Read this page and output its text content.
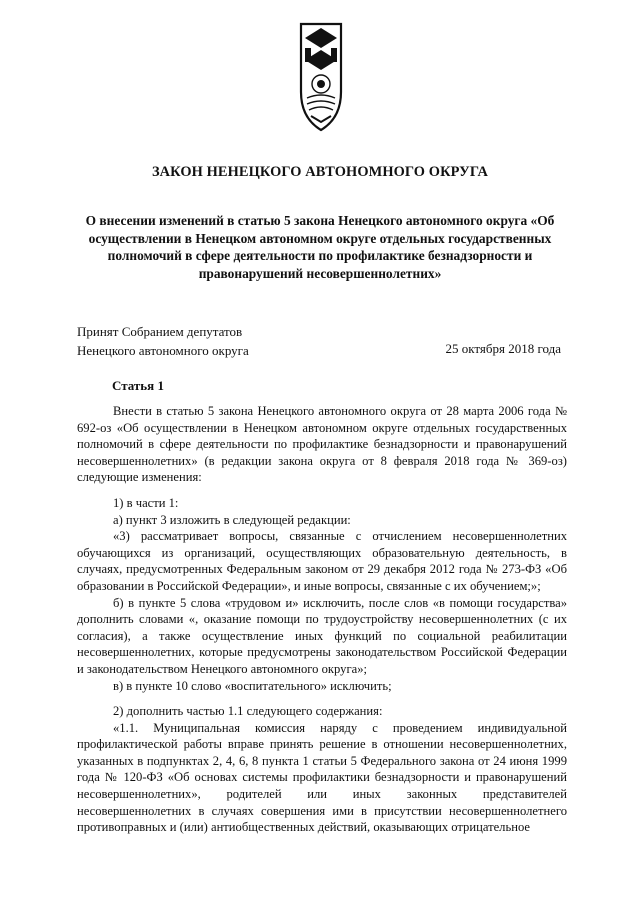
ЗАКОН НЕНЕЦКОГО АВТОНОМНОГО ОКРУГА
О внесении изменений в статью 5 закона Ненецкого автономного округа «Об осуществлении в Ненецком автономном округе отдельных государственных полномочий в сфере деятельности по профилактике безнадзорности и правонарушений несовершеннолетних»
Принят Собранием депутатов
Ненецкого автономного округа	25 октября 2018 года
Статья 1

Внести в статью 5 закона Ненецкого автономного округа от 28 марта 2006 года № 692-оз «Об осуществлении в Ненецком автономном округе отдельных государственных полномочий в сфере деятельности по профилактике безнадзорности и правонарушений несовершеннолетних» (в редакции закона округа от 8 февраля 2018 года № 369-оз) следующие изменения:

1) в части 1:

а) пункт 3 изложить в следующей редакции:

«3) рассматривает вопросы, связанные с отчислением несовершеннолетних обучающихся из организаций, осуществляющих образовательную деятельность, в случаях, предусмотренных Федеральным законом от 29 декабря 2012 года № 273-ФЗ «Об образовании в Российской Федерации», и иные вопросы, связанные с их обучением;»;

б) в пункте 5 слова «трудовом и» исключить, после слов «в помощи государства» дополнить словами «, оказание помощи по трудоустройству несовершеннолетних (с их согласия), а также осуществление иных функций по социальной реабилитации несовершеннолетних, которые предусмотрены законодательством Российской Федерации и законодательством Ненецкого автономного округа»;

в) в пункте 10 слово «воспитательного» исключить;

2) дополнить частью 1.1 следующего содержания:

«1.1. Муниципальная комиссия наряду с проведением индивидуальной профилактической работы вправе принять решение в отношении несовершеннолетних, указанных в подпунктах 2, 4, 6, 8 пункта 1 статьи 5 Федерального закона от 24 июня 1999 года № 120-ФЗ «Об основах системы профилактики безнадзорности и правонарушений несовершеннолетних», родителей или иных законных представителей несовершеннолетних в случаях совершения ими в присутствии несовершеннолетнего противоправных и (или) антиобщественных действий, оказывающих отрицательное
